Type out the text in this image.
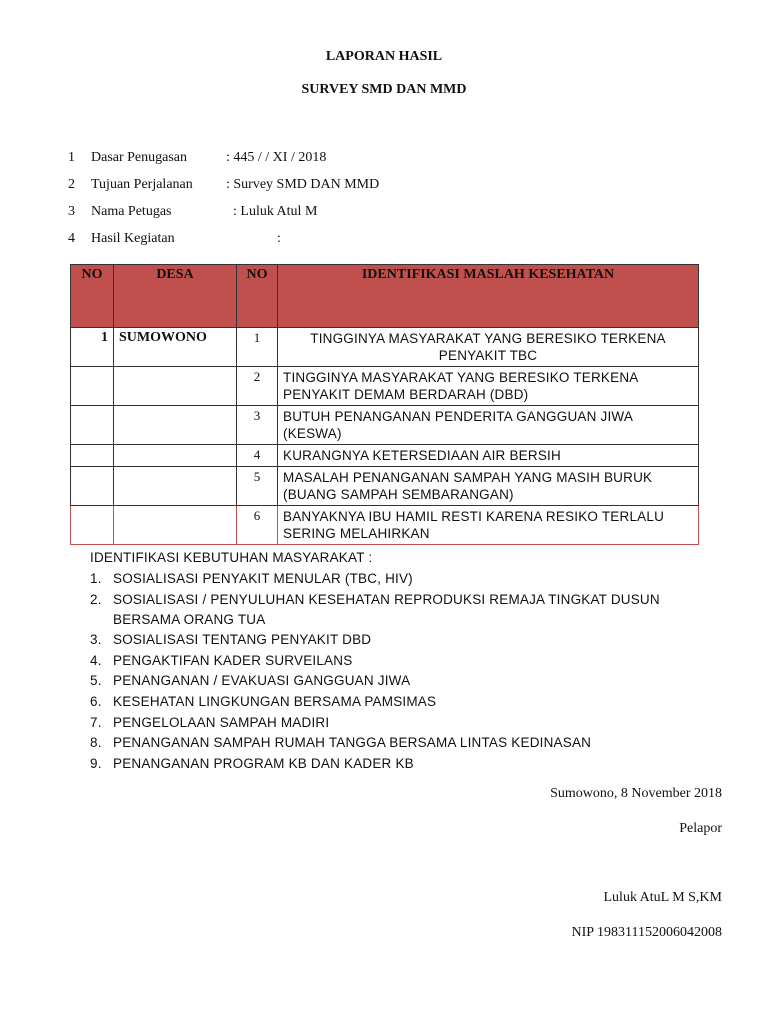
LAPORAN HASIL
SURVEY SMD DAN MMD
1 Dasar Penugasan	: 445 / / XI / 2018
2 Tujuan Perjalanan : Survey SMD DAN MMD
3 Nama Petugas	: Luluk Atul M
4 Hasil Kegiatan	:
NO	DESA	NO	IDENTIFIKASI MASLAH KESEHATAN
1	SUMOWONO	1	TINGGINYA MASYARAKAT YANG BERESIKO TERKENA PENYAKIT TBC
		2	TINGGINYA MASYARAKAT YANG BERESIKO TERKENA PENYAKIT DEMAM BERDARAH (DBD)
		3	BUTUH PENANGANAN PENDERITA GANGGUAN JIWA (KESWA)
		4	KURANGNYA KETERSEDIAAN AIR BERSIH
		5	MASALAH PENANGANAN SAMPAH YANG MASIH BURUK (BUANG SAMPAH SEMBARANGAN)
		6	BANYAKNYA IBU HAMIL RESTI KARENA RESIKO TERLALU SERING MELAHIRKAN
IDENTIFIKASI KEBUTUHAN MASYARAKAT :
1. SOSIALISASI PENYAKIT MENULAR (TBC, HIV)
2. SOSIALISASI / PENYULUHAN KESEHATAN REPRODUKSI REMAJA TINGKAT DUSUN BERSAMA ORANG TUA
3. SOSIALISASI TENTANG PENYAKIT DBD
4. PENGAKTIFAN KADER SURVEILANS
5. PENANGANAN / EVAKUASI GANGGUAN JIWA
6. KESEHATAN LINGKUNGAN BERSAMA PAMSIMAS
7. PENGELOLAAN SAMPAH MADIRI
8. PENANGANAN SAMPAH RUMAH TANGGA BERSAMA LINTAS KEDINASAN
9. PENANGANAN PROGRAM KB DAN KADER KB
Sumowono, 8 November 2018
Pelapor
Luluk AtuL M S,KM
NIP 198311152006042008
